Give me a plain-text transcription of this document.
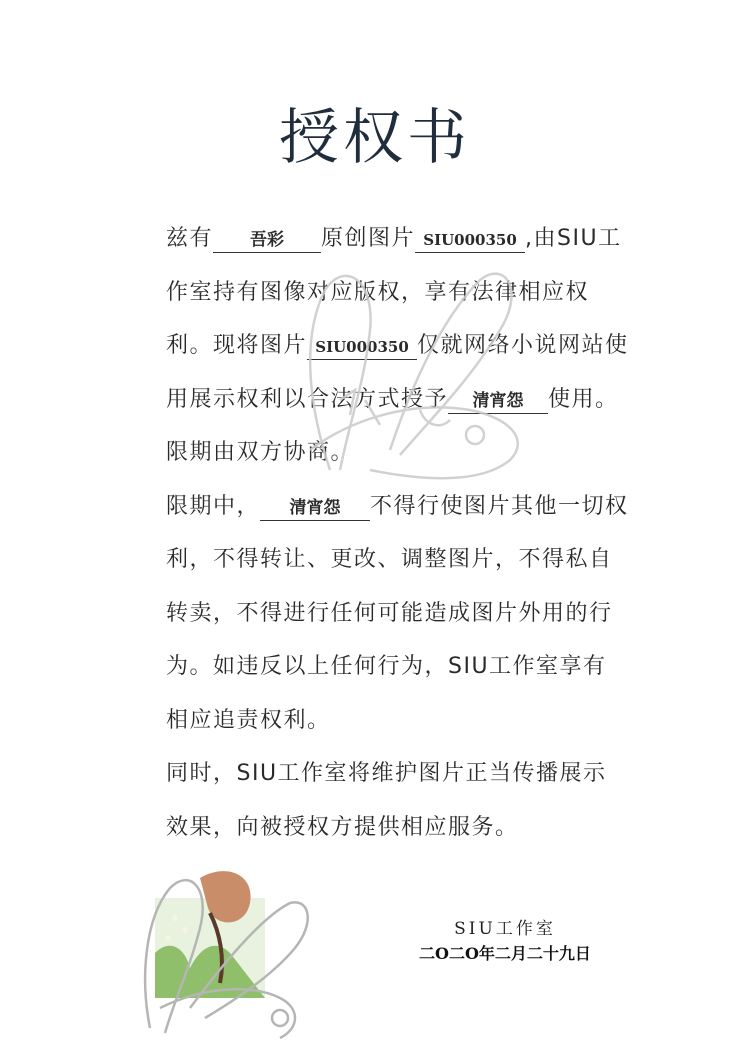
授权书

兹有 吾彩 原创图片 SIU000350 ,由SIU工作室持有图像对应版权，享有法律相应权利。现将图片 SIU000350 仅就网络小说网站使用展示权利以合法方式授予 清宵怨 使用。限期由双方协商。

限期中， 清宵怨 不得行使图片其他一切权利，不得转让、更改、调整图片，不得私自转卖，不得进行任何可能造成图片外用的行为。如违反以上任何行为，SIU工作室享有相应追责权利。

同时，SIU工作室将维护图片正当传播展示效果，向被授权方提供相应服务。

SIU工作室
二O二O年二月二十九日
